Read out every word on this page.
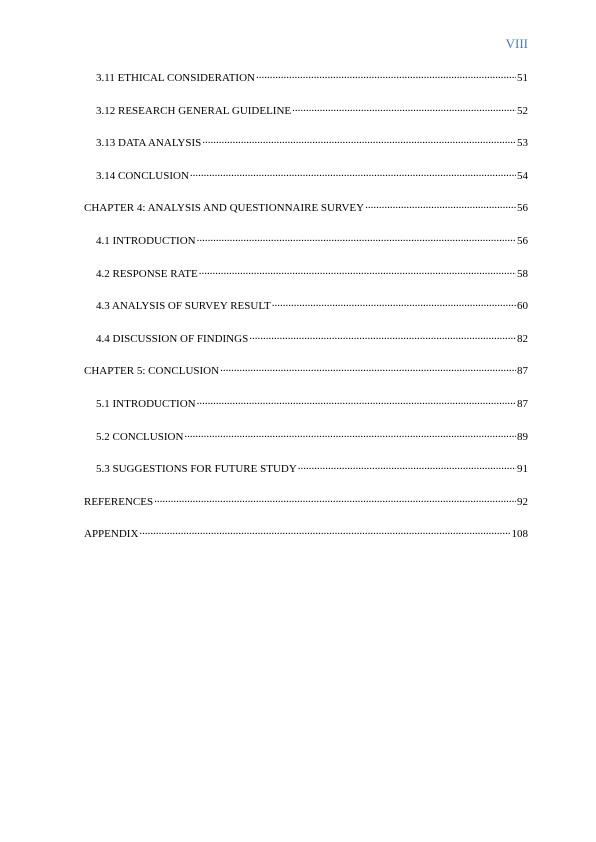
VIII
3.11 ETHICAL CONSIDERATION .....	51
3.12 RESEARCH GENERAL GUIDELINE .....	52
3.13 DATA ANALYSIS .....	53
3.14 CONCLUSION .....	54
CHAPTER 4: ANALYSIS AND QUESTIONNAIRE SURVEY .....	56
4.1 INTRODUCTION .....	56
4.2 RESPONSE RATE .....	58
4.3 ANALYSIS OF SURVEY RESULT .....	60
4.4 DISCUSSION OF FINDINGS .....	82
CHAPTER 5: CONCLUSION .....	87
5.1 INTRODUCTION .....	87
5.2 CONCLUSION .....	89
5.3 SUGGESTIONS FOR FUTURE STUDY .....	91
REFERENCES .....	92
APPENDIX .....	108
